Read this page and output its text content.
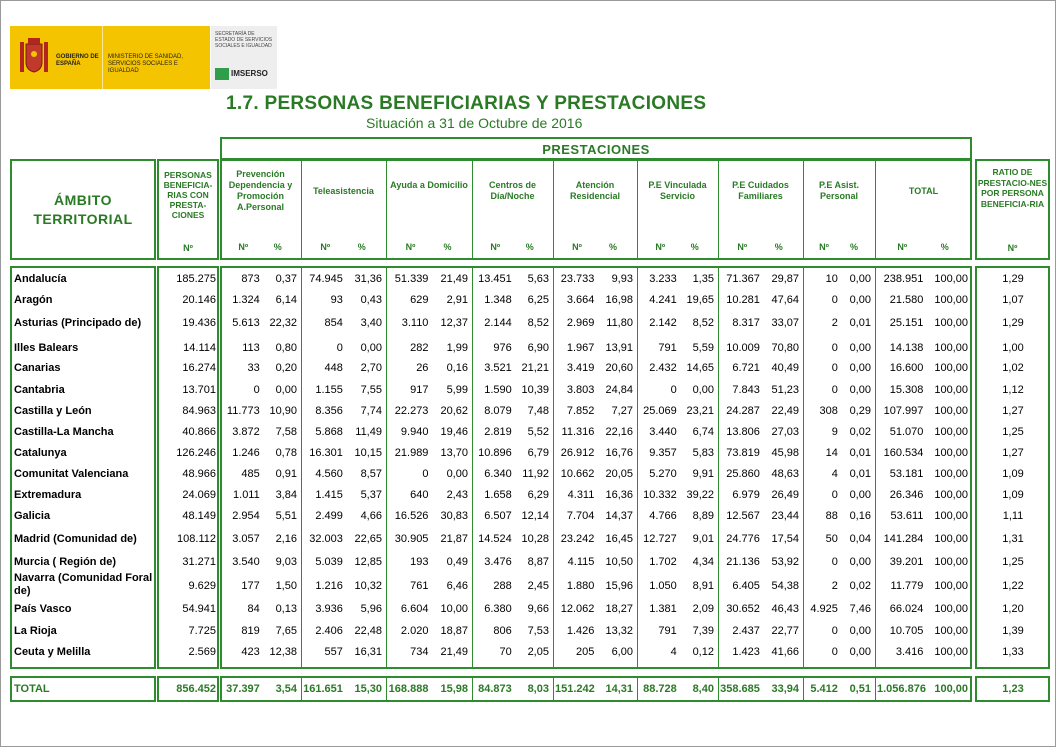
GOBIERNO DE ESPAÑA
MINISTERIO DE SANIDAD, SERVICIOS SOCIALES E IGUALDAD
SECRETARÍA DE ESTADO DE SERVICIOS SOCIALES E IGUALDAD
IMSERSO
1.7. PERSONAS BENEFICIARIAS Y PRESTACIONES
Situación a 31 de Octubre de 2016
ÁMBITO TERRITORIAL
PERSONAS BENEFICIA-RIAS CON PRESTA-CIONES
Nº
PRESTACIONES
RATIO DE PRESTACIO-NES POR PERSONA BENEFICIA-RIA
Nº
Prevención Dependencia y Promoción A.Personal
Nº	%
Teleasistencia
Nº	%
Ayuda a Domicilio
Nº	%
Centros de Día/Noche
Nº	%
Atención Residencial
Nº	%
P.E Vinculada Servicio
Nº	%
P.E Cuidados Familiares
Nº	%
P.E Asist. Personal
Nº	%
TOTAL
Nº	%
Andalucía	185.275	873	0,37	74.945	31,36	51.339	21,49 13.451	5,63	23.733	9,93	3.233	1,35	71.367	29,87	10	0,00	238.951 100,00	1,29
Aragón	20.146	1.324	6,14	93	0,43	629	2,91	1.348	6,25	3.664	16,98	4.241 19,65	10.281	47,64	0	0,00	21.580 100,00	1,07
Asturias (Principado de)	19.436	5.613 22,32	854	3,40	3.110	12,37	2.144	8,52	2.969	11,80	2.142	8,52	8.317	33,07	2	0,01	25.151 100,00	1,29
Illes Balears	14.114	113	0,80	0	0,00	282	1,99	976	6,90	1.967	13,91	791	5,59	10.009	70,80	0	0,00	14.138 100,00	1,00
Canarias	16.274	33	0,20	448	2,70	26	0,16	3.521 21,21	3.419	20,60	2.432 14,65	6.721	40,49	0	0,00	16.600 100,00	1,02
Cantabria	13.701	0	0,00	1.155	7,55	917	5,99	1.590 10,39	3.803	24,84	0	0,00	7.843	51,23	0	0,00	15.308 100,00	1,12
Castilla y León	84.963 11.773 10,90	8.356	7,74	22.273	20,62	8.079	7,48	7.852	7,27 25.069 23,21	24.287	22,49	308	0,29	107.997 100,00	1,27
Castilla-La Mancha	40.866	3.872	7,58	5.868	11,49	9.940	19,46	2.819	5,52	11.316	22,16	3.440	6,74	13.806	27,03	9	0,02	51.070 100,00	1,25
Catalunya	126.246	1.246	0,78	16.301	10,15	21.989	13,70 10.896	6,79	26.912	16,76	9.357	5,83	73.819	45,98	14	0,01	160.534 100,00	1,27
Comunitat Valenciana	48.966	485	0,91	4.560	8,57	0	0,00	6.340 11,92	10.662	20,05	5.270	9,91	25.860	48,63	4	0,01	53.181 100,00	1,09
Extremadura	24.069	1.011	3,84	1.415	5,37	640	2,43	1.658	6,29	4.311	16,36 10.332 39,22	6.979	26,49	0	0,00	26.346 100,00	1,09
Galicia	48.149	2.954	5,51	2.499	4,66	16.526	30,83	6.507 12,14	7.704	14,37	4.766	8,89	12.567	23,44	88	0,16	53.611 100,00	1,11
Madrid (Comunidad de)	108.112	3.057	2,16	32.003	22,65	30.905	21,87 14.524 10,28	23.242	16,45 12.727	9,01	24.776	17,54	50	0,04	141.284 100,00	1,31
Murcia ( Región de)	31.271	3.540	9,03	5.039	12,85	193	0,49	3.476	8,87	4.115	10,50	1.702	4,34	21.136	53,92	0	0,00	39.201 100,00	1,25
Navarra (Comunidad Foral de)	9.629	177	1,50	1.216	10,32	761	6,46	288	2,45	1.880	15,96	1.050	8,91	6.405	54,38	2	0,02	11.779 100,00	1,22
País Vasco	54.941	84	0,13	3.936	5,96	6.604	10,00	6.380	9,66	12.062	18,27	1.381	2,09	30.652	46,43	4.925	7,46	66.024 100,00	1,20
La Rioja	7.725	819	7,65	2.406	22,48	2.020	18,87	806	7,53	1.426	13,32	791	7,39	2.437	22,77	0	0,00	10.705 100,00	1,39
Ceuta y Melilla	2.569	423 12,38	557	16,31	734	21,49	70	2,05	205	6,00	4	0,12	1.423	41,66	0	0,00	3.416 100,00	1,33
TOTAL	856.452 37.397	3,54 161.651	15,30 168.888	15,98 84.873	8,03 151.242 14,31 88.728	8,40 358.685	33,94	5.412	0,51 1.056.876 100,00	1,23
